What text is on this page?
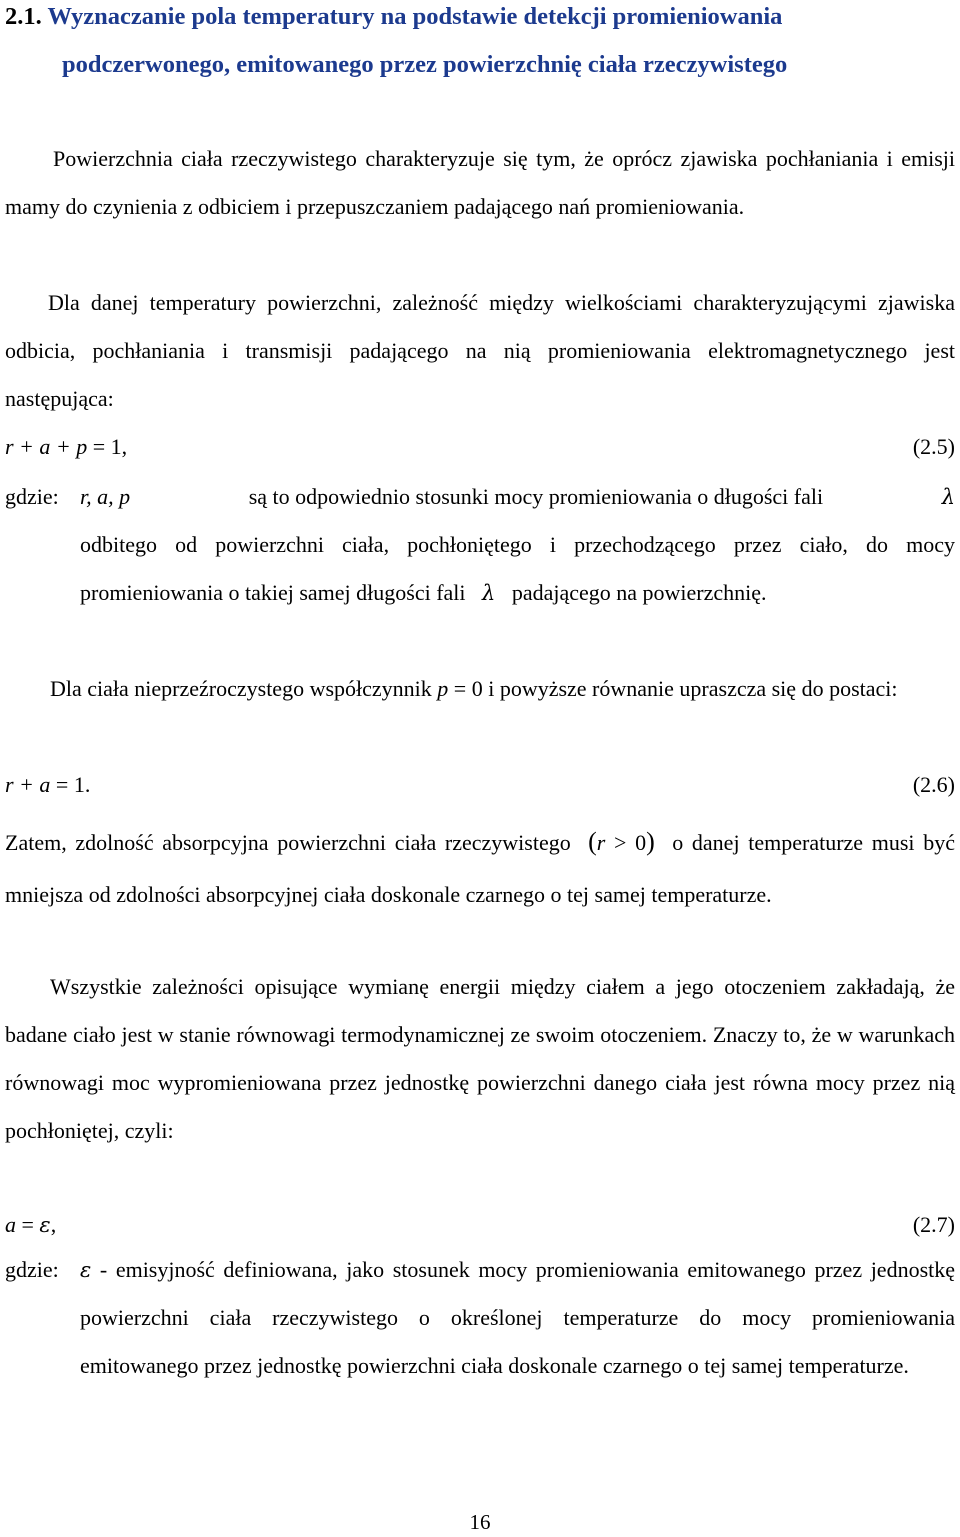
2.1. Wyznaczanie pola temperatury na podstawie detekcji promieniowania
podczerwonego, emitowanego przez powierzchnię ciała rzeczywistego

Powierzchnia ciała rzeczywistego charakteryzuje się tym, że oprócz zjawiska pochłaniania i emisji mamy do czynienia z odbiciem i przepuszczaniem padającego nań promieniowania.

Dla danej temperatury powierzchni, zależność między wielkościami charakteryzującymi zjawiska odbicia, pochłaniania i transmisji padającego na nią promieniowania elektromagnetycznego jest następująca:

r + a + p = 1,	(2.5)
gdzie: r, a, p	są to odpowiednio stosunki mocy promieniowania o długości fali	λ
odbitego od powierzchni ciała, pochłoniętego i przechodzącego przez ciało, do mocy promieniowania o takiej samej długości fali λ padającego na powierzchnię.

Dla ciała nieprzeźroczystego współczynnik p = 0 i powyższe równanie upraszcza się do postaci:

r + a = 1.	(2.6)

Zatem, zdolność absorpcyjna powierzchni ciała rzeczywistego (r > 0) o danej temperaturze musi być mniejsza od zdolności absorpcyjnej ciała doskonale czarnego o tej samej temperaturze.

Wszystkie zależności opisujące wymianę energii między ciałem a jego otoczeniem zakładają, że badane ciało jest w stanie równowagi termodynamicznej ze swoim otoczeniem. Znaczy to, że w warunkach równowagi moc wypromieniowana przez jednostkę powierzchni danego ciała jest równa mocy przez nią pochłoniętej, czyli:

a = ε,	(2.7)
gdzie: ε - emisyjność definiowana, jako stosunek mocy promieniowania emitowanego przez jednostkę powierzchni ciała rzeczywistego o określonej temperaturze do mocy promieniowania emitowanego przez jednostkę powierzchni ciała doskonale czarnego o tej samej temperaturze.
16
